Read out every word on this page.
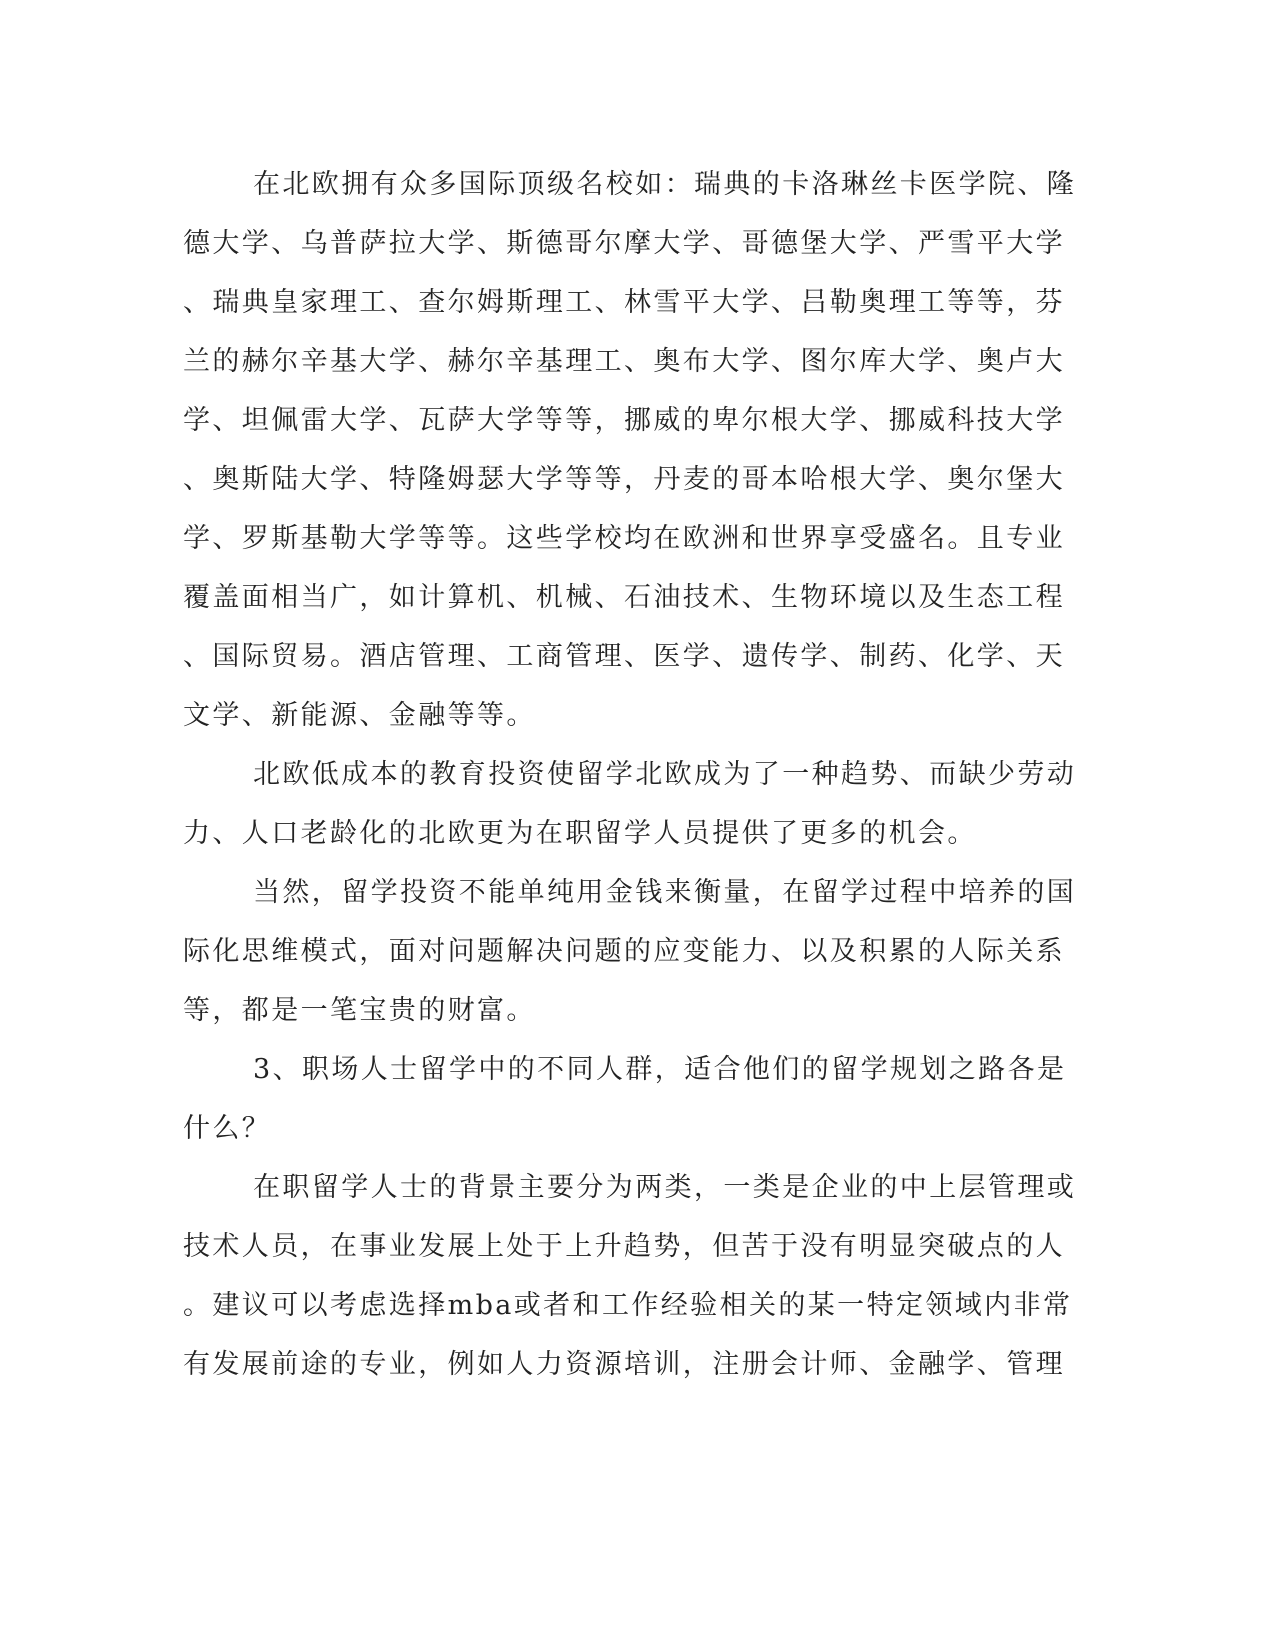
在北欧拥有众多国际顶级名校如：瑞典的卡洛琳丝卡医学院、隆
德大学、乌普萨拉大学、斯德哥尔摩大学、哥德堡大学、严雪平大学
、瑞典皇家理工、查尔姆斯理工、林雪平大学、吕勒奥理工等等，芬
兰的赫尔辛基大学、赫尔辛基理工、奥布大学、图尔库大学、奥卢大
学、坦佩雷大学、瓦萨大学等等，挪威的卑尔根大学、挪威科技大学
、奥斯陆大学、特隆姆瑟大学等等，丹麦的哥本哈根大学、奥尔堡大
学、罗斯基勒大学等等。这些学校均在欧洲和世界享受盛名。且专业
覆盖面相当广，如计算机、机械、石油技术、生物环境以及生态工程
、国际贸易。酒店管理、工商管理、医学、遗传学、制药、化学、天
文学、新能源、金融等等。
北欧低成本的教育投资使留学北欧成为了一种趋势、而缺少劳动
力、人口老龄化的北欧更为在职留学人员提供了更多的机会。
当然，留学投资不能单纯用金钱来衡量，在留学过程中培养的国
际化思维模式，面对问题解决问题的应变能力、以及积累的人际关系
等，都是一笔宝贵的财富。
3、职场人士留学中的不同人群，适合他们的留学规划之路各是
什么？
在职留学人士的背景主要分为两类，一类是企业的中上层管理或
技术人员，在事业发展上处于上升趋势，但苦于没有明显突破点的人
。建议可以考虑选择mba或者和工作经验相关的某一特定领域内非常
有发展前途的专业，例如人力资源培训，注册会计师、金融学、管理
